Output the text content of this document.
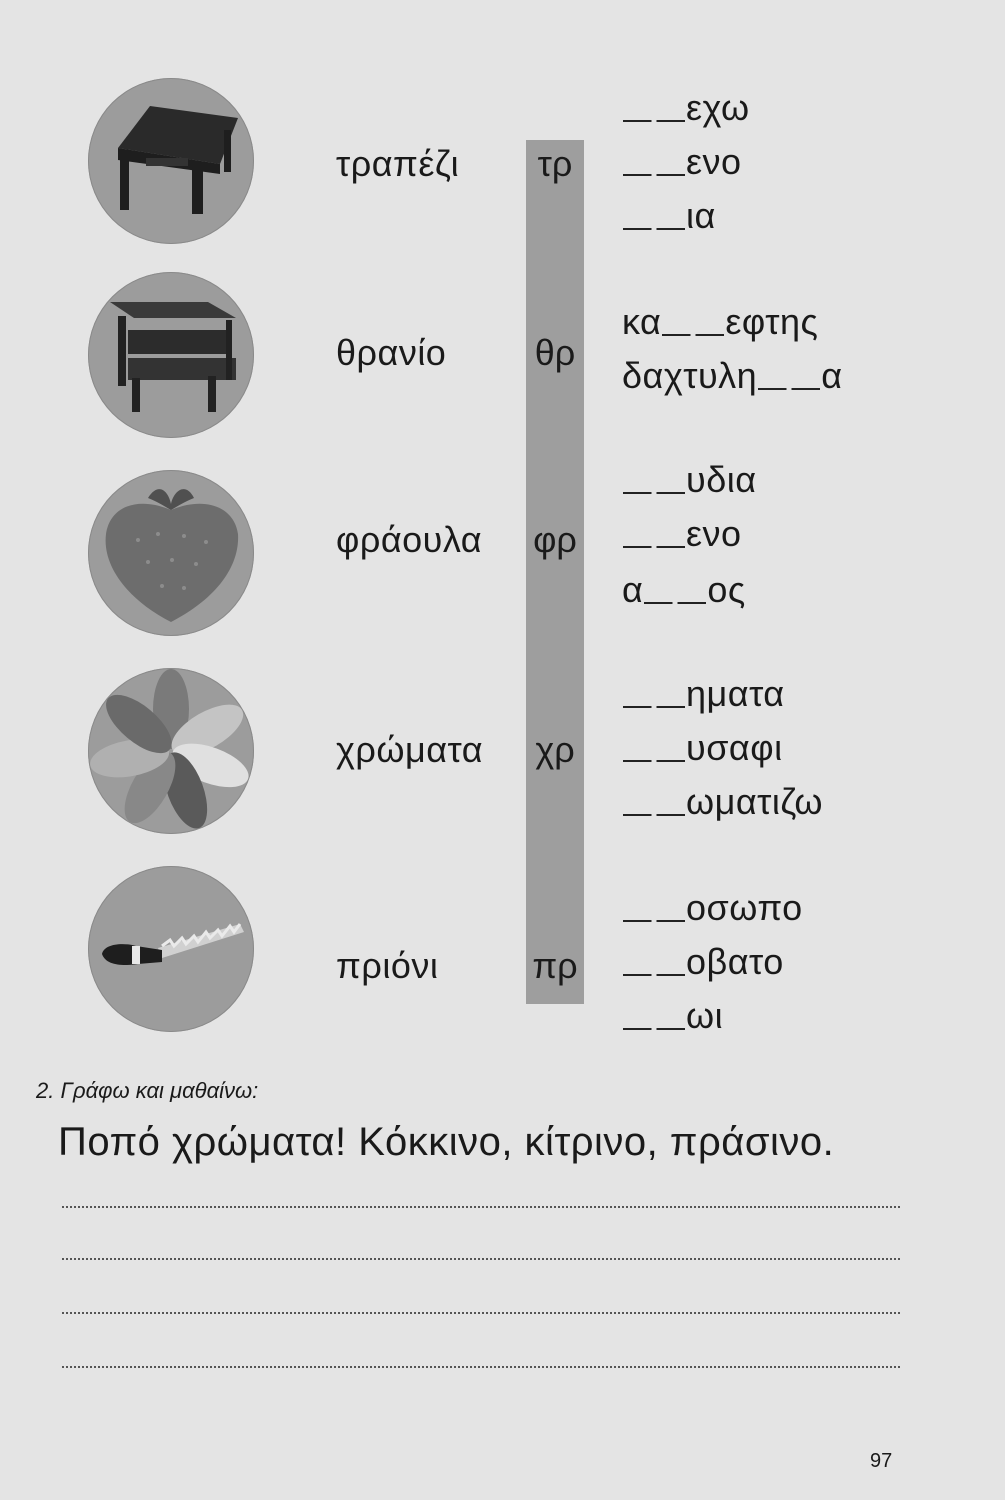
τραπέζι
θρανίο
φράουλα
χρώματα
πριόνι
τρ
θρ
φρ
χρ
πρ
εχω
ενο
ια
κα εφτης
δαχτυλη α
υδια
ενο
α ος
ηματα
υσαφι
ωματιζω
οσωπο
οβατο
ωι
2. Γράφω και μαθαίνω:
Ποπό χρώματα! Κόκκινο, κίτρινο, πράσινο.
97
